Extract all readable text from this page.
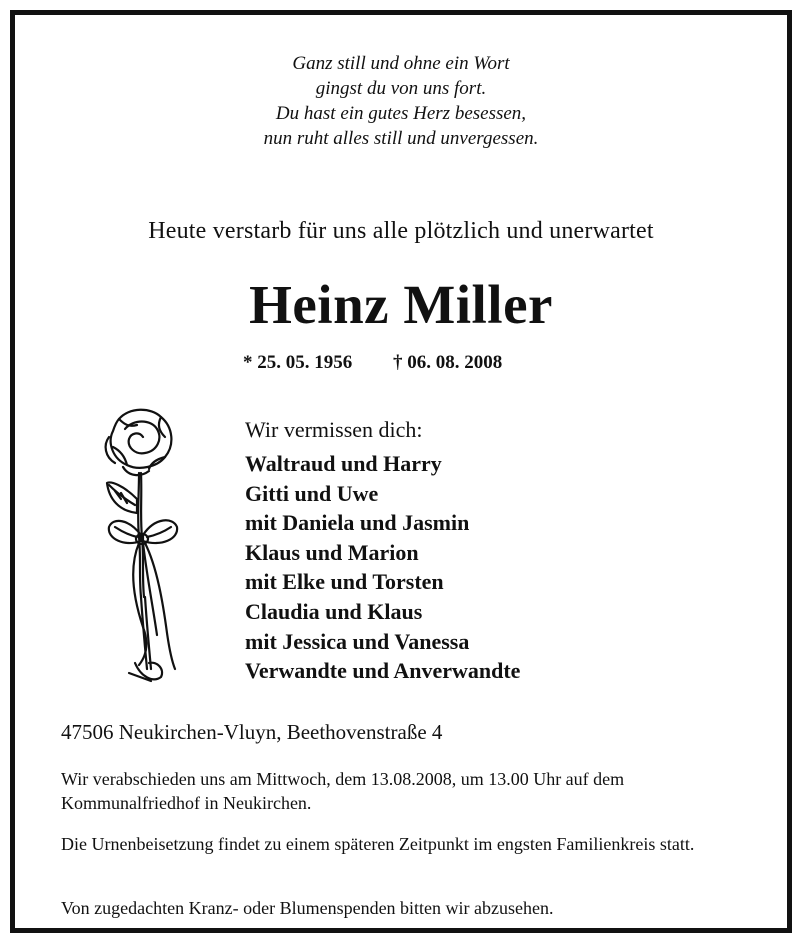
Ganz still und ohne ein Wort
gingst du von uns fort.
Du hast ein gutes Herz besessen,
nun ruht alles still und unvergessen.
Heute verstarb für uns alle plötzlich und unerwartet
Heinz Miller
* 25. 05. 1956 † 06. 08. 2008
Wir vermissen dich:
Waltraud und Harry
Gitti und Uwe
mit Daniela und Jasmin
Klaus und Marion
mit Elke und Torsten
Claudia und Klaus
mit Jessica und Vanessa
Verwandte und Anverwandte
47506 Neukirchen-Vluyn, Beethovenstraße 4
Wir verabschieden uns am Mittwoch, dem 13.08.2008, um 13.00 Uhr auf dem Kommunalfriedhof in Neukirchen.
Die Urnenbeisetzung findet zu einem späteren Zeitpunkt im engsten Familienkreis statt.
Von zugedachten Kranz- oder Blumenspenden bitten wir abzusehen.
